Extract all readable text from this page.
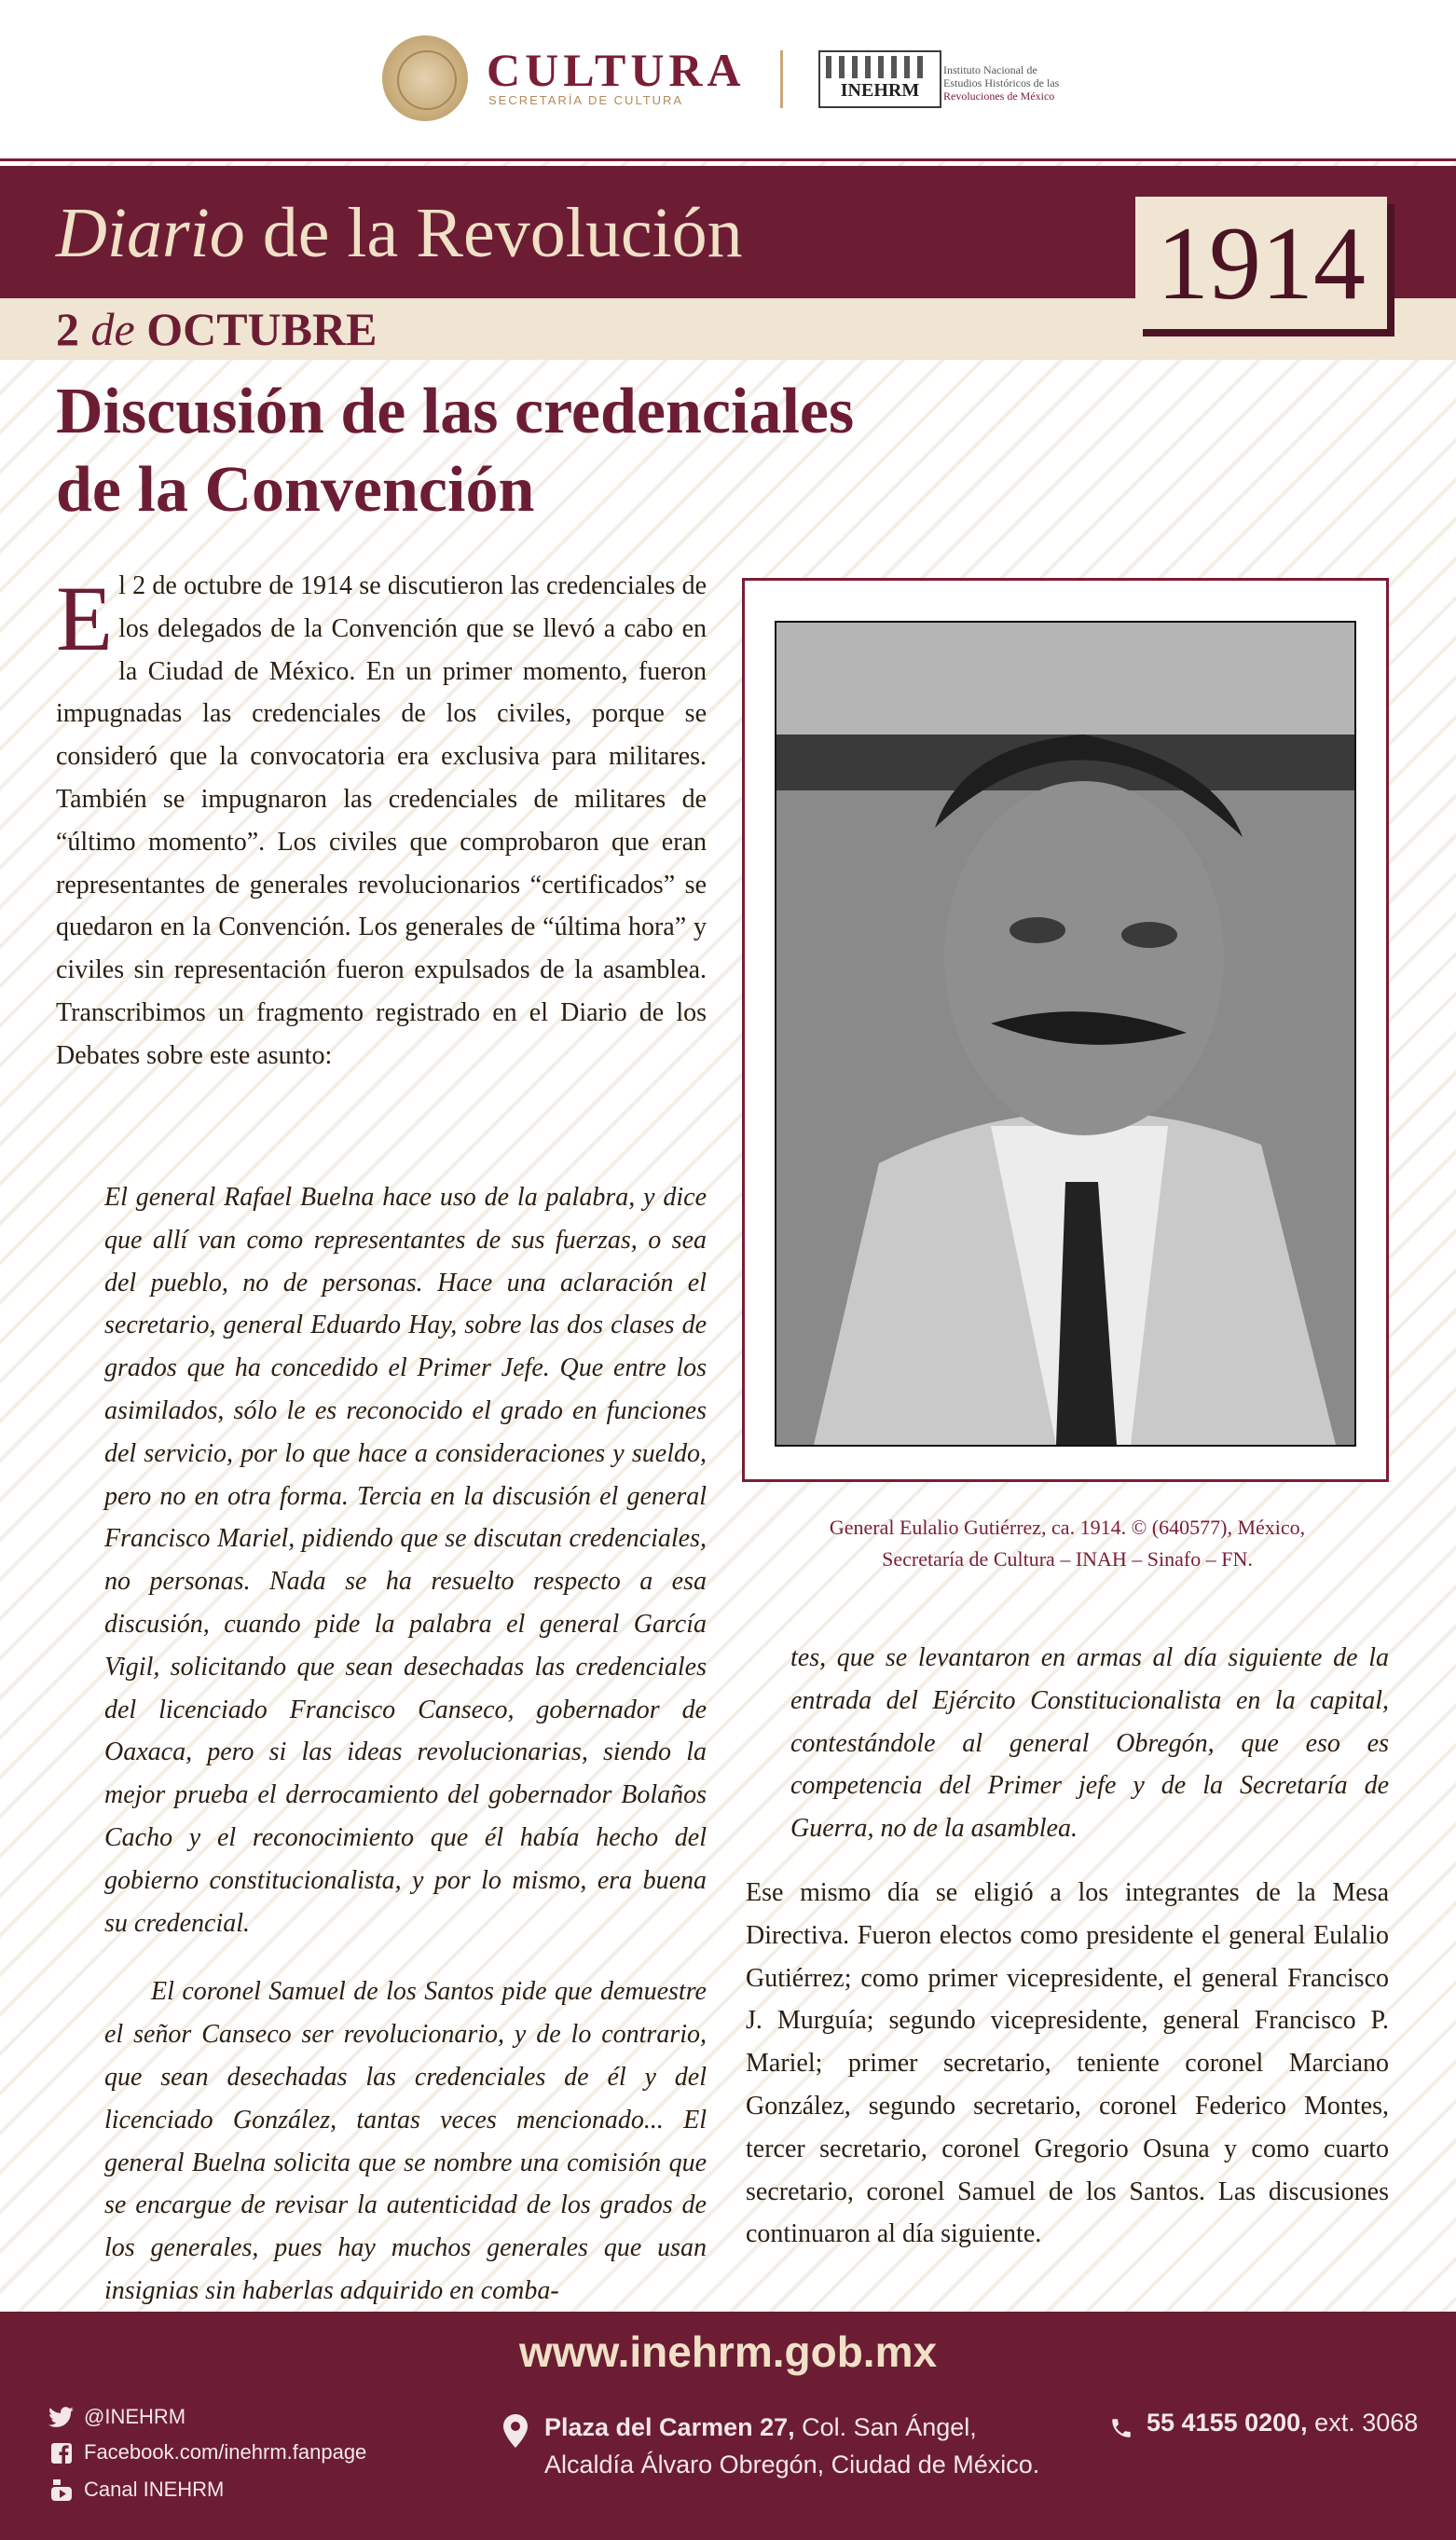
CULTURA
SECRETARÍA DE CULTURA	INEHRM
Instituto Nacional de
Estudios Históricos de las
Revoluciones de México
Diario de la Revolución
2 de OCTUBRE
1914
Discusión de las credenciales
de la Convención
E l 2 de octubre de 1914 se discutieron las credenciales de los delegados de la Convención que se llevó a cabo en la Ciudad de México. En un primer momento, fueron impugnadas las credenciales de los civiles, porque se consideró que la convocatoria era exclusiva para militares. También se impugnaron las credenciales de militares de “último momento”. Los civiles que comprobaron que eran representantes de generales revolucionarios “certificados” se quedaron en la Convención. Los generales de “última hora” y civiles sin representación fueron expulsados de la asamblea. Transcribimos un fragmento registrado en el Diario de los Debates sobre este asunto:

El general Rafael Buelna hace uso de la palabra, y dice que allí van como representantes de sus fuerzas, o sea del pueblo, no de personas. Hace una aclaración el secretario, general Eduardo Hay, sobre las dos clases de grados que ha concedido el Primer Jefe. Que entre los asimilados, sólo le es reconocido el grado en funciones del servicio, por lo que hace a consideraciones y sueldo, pero no en otra forma. Tercia en la discusión el general Francisco Mariel, pidiendo que se discutan credenciales, no personas. Nada se ha resuelto respecto a esa discusión, cuando pide la palabra el general García Vigil, solicitando que sean desechadas las credenciales del licenciado Francisco Canseco, gobernador de Oaxaca, pero si las ideas revolucionarias, siendo la mejor prueba el derrocamiento del gobernador Bolaños Cacho y el reconocimiento que él había hecho del gobierno constitucionalista, y por lo mismo, era buena su credencial.

El coronel Samuel de los Santos pide que demuestre el señor Canseco ser revolucionario, y de lo contrario, que sean desechadas las credenciales de él y del licenciado González, tantas veces mencionado... El general Buelna solicita que se nombre una comisión que se encargue de revisar la autenticidad de los grados de los generales, pues hay muchos generales que usan insignias sin haberlas adquirido en comba-

General Eulalio Gutiérrez, ca. 1914. © (640577), México,
Secretaría de Cultura – INAH – Sinafo – FN.
tes, que se levantaron en armas al día siguiente de la entrada del Ejército Constitucionalista en la capital, contestándole al general Obregón, que eso es competencia del Primer jefe y de la Secretaría de Guerra, no de la asamblea.
Ese mismo día se eligió a los integrantes de la Mesa Directiva. Fueron electos como presidente el general Eulalio Gutiérrez; como primer vicepresidente, el general Francisco J. Murguía; segundo vicepresidente, general Francisco P. Mariel; primer secretario, teniente coronel Marciano González, segundo secretario, coronel Federico Montes, tercer secretario, coronel Gregorio Osuna y como cuarto secretario, coronel Samuel de los Santos. Las discusiones continuaron al día siguiente.
www.inehrm.gob.mx
@INEHRM
Facebook.com/inehrm.fanpage
Canal INEHRM
Plaza del Carmen 27, Col. San Ángel,
Alcaldía Álvaro Obregón, Ciudad de México.
55 4155 0200, ext. 3068
